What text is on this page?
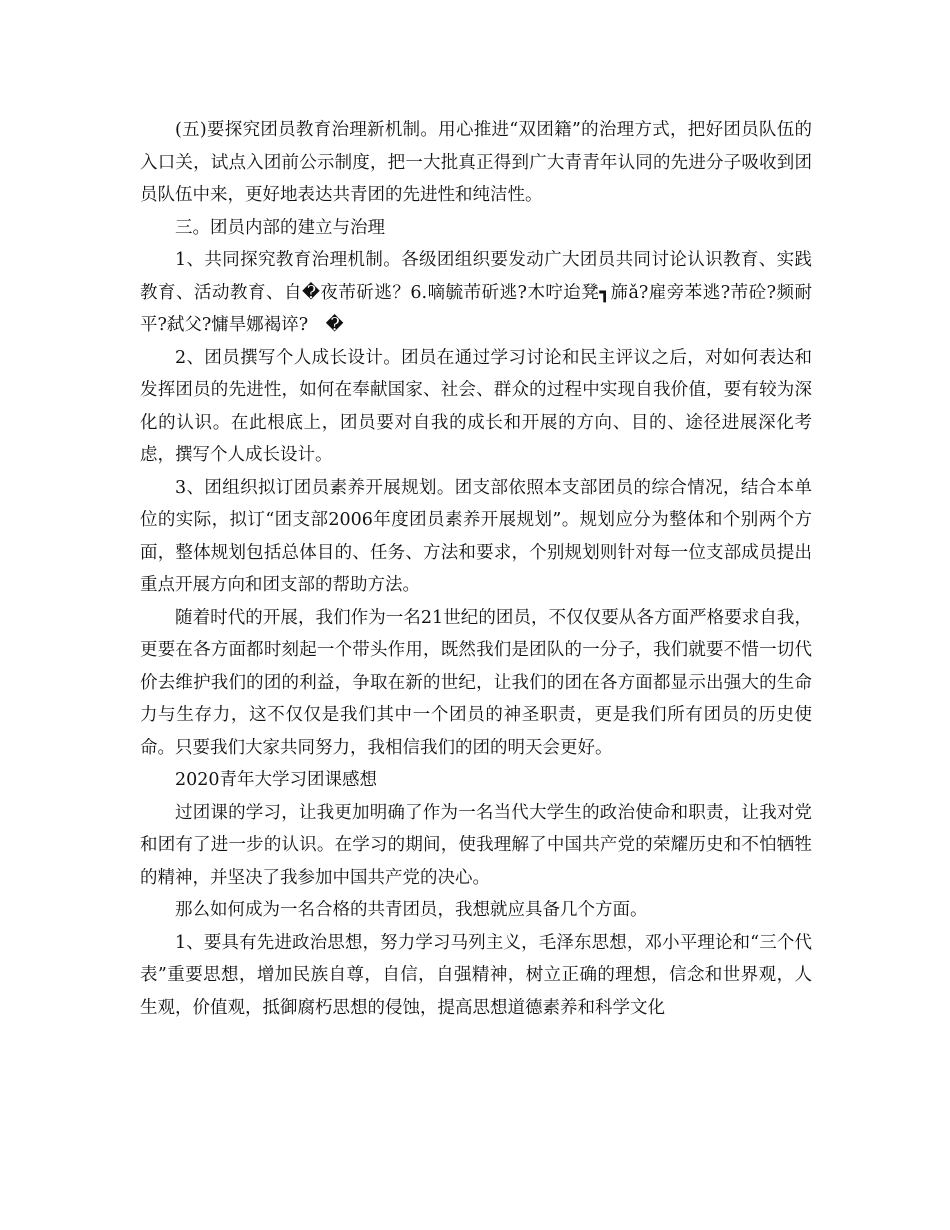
(五)要探究团员教育治理新机制。用心推进“双团籍”的治理方式，把好团员队伍的入口关，试点入团前公示制度，把一大批真正得到广大青青年认同的先进分子吸收到团员队伍中来，更好地表达共青团的先进性和纯洁性。

三。团员内部的建立与治理

1、共同探究教育治理机制。各级团组织要发动广大团员共同讨论认识教育、实践教育、活动教育、自�夜芾斫逃？6.嘀毓芾斫逃?木咛迨凳┓旆ǎ?雇旁苯逃?芾砼?频耐平?弑父?慵旱娜褐谇?　�

2、团员撰写个人成长设计。团员在通过学习讨论和民主评议之后，对如何表达和发挥团员的先进性，如何在奉献国家、社会、群众的过程中实现自我价值，要有较为深化的认识。在此根底上，团员要对自我的成长和开展的方向、目的、途径进展深化考虑，撰写个人成长设计。

3、团组织拟订团员素养开展规划。团支部依照本支部团员的综合情况，结合本单位的实际，拟订“团支部2006年度团员素养开展规划”。规划应分为整体和个别两个方面，整体规划包括总体目的、任务、方法和要求，个别规划则针对每一位支部成员提出重点开展方向和团支部的帮助方法。

随着时代的开展，我们作为一名21世纪的团员，不仅仅要从各方面严格要求自我，更要在各方面都时刻起一个带头作用，既然我们是团队的一分子，我们就要不惜一切代价去维护我们的团的利益，争取在新的世纪，让我们的团在各方面都显示出强大的生命力与生存力，这不仅仅是我们其中一个团员的神圣职责，更是我们所有团员的历史使命。只要我们大家共同努力，我相信我们的团的明天会更好。

2020青年大学习团课感想

过团课的学习，让我更加明确了作为一名当代大学生的政治使命和职责，让我对党和团有了进一步的认识。在学习的期间，使我理解了中国共产党的荣耀历史和不怕牺牲的精神，并坚决了我参加中国共产党的决心。

那么如何成为一名合格的共青团员，我想就应具备几个方面。

1、要具有先进政治思想，努力学习马列主义，毛泽东思想，邓小平理论和“三个代表”重要思想，增加民族自尊，自信，自强精神，树立正确的理想，信念和世界观，人生观，价值观，抵御腐朽思想的侵蚀，提高思想道德素养和科学文化
